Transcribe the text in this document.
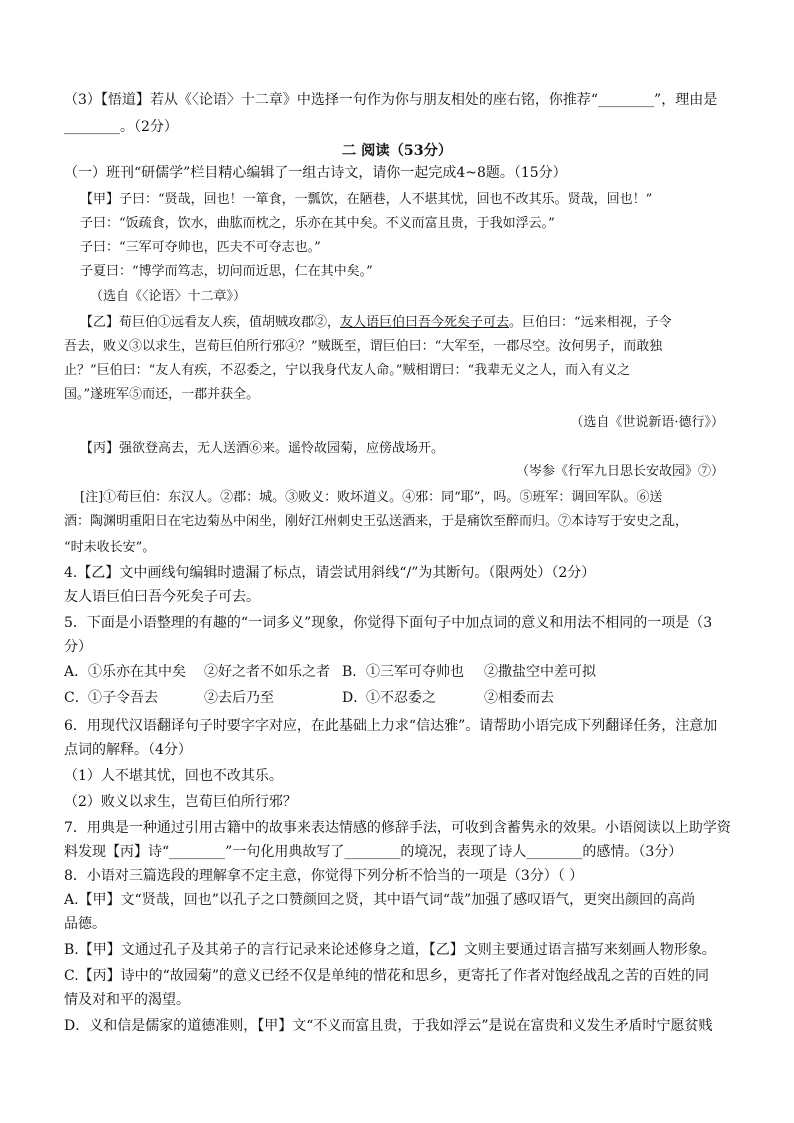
（3）【悟道】若从《〈论语〉十二章》中选择一句作为你与朋友相处的座右铭，你推荐“________”，理由是
________。（2分）
二 阅读（53分）
（一）班刊“研儒学”栏目精心编辑了一组古诗文，请你一起完成4~8题。（15分）
【甲】子曰：“贤哉，回也！一箪食，一瓢饮，在陋巷，人不堪其忧，回也不改其乐。贤哉，回也！”
子曰：“饭疏食，饮水，曲肱而枕之，乐亦在其中矣。不义而富且贵，于我如浮云。”
子曰：“三军可夺帅也，匹夫不可夺志也。”
子夏曰：“博学而笃志，切问而近思，仁在其中矣。”
（选自《〈论语〉十二章》）
【乙】荀巨伯①远看友人疾，值胡贼攻郡②，友人语巨伯曰吾今死矣子可去。巨伯曰：“远来相视，子令
吾去，败义③以求生，岂荀巨伯所行邪④？”贼既至，谓巨伯曰：“大军至，一郡尽空。汝何男子，而敢独
止？”巨伯曰：“友人有疾，不忍委之，宁以我身代友人命。”贼相谓曰：“我辈无义之人，而入有义之
国。”遂班军⑤而还，一郡并获全。
（选自《世说新语·德行》）
【丙】强欲登高去，无人送酒⑥来。遥怜故园菊，应傍战场开。
（岑参《行军九日思长安故园》⑦）
[注]①荀巨伯：东汉人。②郡：城。③败义：败坏道义。④邪：同“耶”，吗。⑤班军：调回军队。⑥送
酒：陶渊明重阳日在宅边菊丛中闲坐，刚好江州刺史王弘送酒来，于是痛饮至醉而归。⑦本诗写于安史之乱，
“时未收长安”。
4.【乙】文中画线句编辑时遗漏了标点，请尝试用斜线“/”为其断句。（限两处）（2分）
友人语巨伯曰吾今死矣子可去。
5．下面是小语整理的有趣的“一词多义”现象，你觉得下面句子中加点词的意义和用法不相同的一项是（3
分）
A． ①乐亦在其中矣 ②好之者不如乐之者 B． ①三军可夺帅也 ②撒盐空中差可拟
C． ①子令吾去	②去后乃至	D．
①不忍委之	②相委而去
6．用现代汉语翻译句子时要字字对应，在此基础上力求“信达雅”。请帮助小语完成下列翻译任务，注意加
点词的解释。（4分）
（1）人不堪其忧，回也不改其乐。
（2）败义以求生，岂荀巨伯所行邪？
7．用典是一种通过引用古籍中的故事来表达情感的修辞手法，可收到含蓄隽永的效果。小语阅读以上助学资
料发现【丙】诗“________”一句化用典故写了________的境况，表现了诗人________的感情。（3分）
8．小语对三篇选段的理解拿不定主意，你觉得下列分析不恰当的一项是（3分）（ ）
A.【甲】文“贤哉，回也”以孔子之口赞颜回之贤，其中语气词“哉”加强了感叹语气，更突出颜回的高尚
品德。
B.【甲】文通过孔子及其弟子的言行记录来论述修身之道，【乙】文则主要通过语言描写来刻画人物形象。
C.【丙】诗中的“故园菊”的意义已经不仅是单纯的惜花和思乡，更寄托了作者对饱经战乱之苦的百姓的同
情及对和平的渴望。
D．义和信是儒家的道德准则，【甲】文“不义而富且贵，于我如浮云”是说在富贵和义发生矛盾时宁愿贫贱
